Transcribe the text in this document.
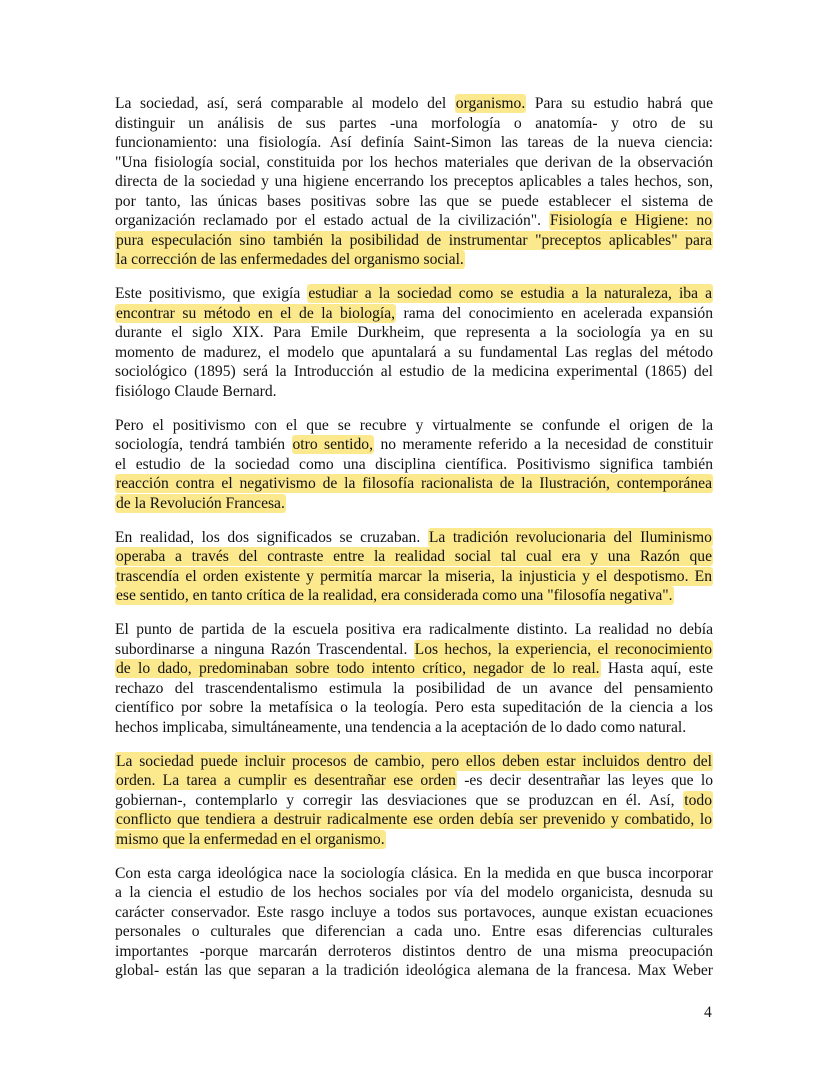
La sociedad, así, será comparable al modelo del organismo. Para su estudio habrá que
distinguir un análisis de sus partes -una morfología o anatomía- y otro de su
funcionamiento: una fisiología. Así definía Saint-Simon las tareas de la nueva ciencia:
"Una fisiología social, constituida por los hechos materiales que derivan de la observación
directa de la sociedad y una higiene encerrando los preceptos aplicables a tales hechos, son,
por tanto, las únicas bases positivas sobre las que se puede establecer el sistema de
organización reclamado por el estado actual de la civilización". Fisiología e Higiene: no
pura especulación sino también la posibilidad de instrumentar "preceptos aplicables" para
la corrección de las enfermedades del organismo social.
Este positivismo, que exigía estudiar a la sociedad como se estudia a la naturaleza, iba a
encontrar su método en el de la biología, rama del conocimiento en acelerada expansión
durante el siglo XIX. Para Emile Durkheim, que representa a la sociología ya en su
momento de madurez, el modelo que apuntalará a su fundamental Las reglas del método
sociológico (1895) será la Introducción al estudio de la medicina experimental (1865) del
fisiólogo Claude Bernard.
Pero el positivismo con el que se recubre y virtualmente se confunde el origen de la
sociología, tendrá también otro sentido, no meramente referido a la necesidad de constituir
el estudio de la sociedad como una disciplina científica. Positivismo significa también
reacción contra el negativismo de la filosofía racionalista de la Ilustración, contemporánea
de la Revolución Francesa.
En realidad, los dos significados se cruzaban. La tradición revolucionaria del Iluminismo
operaba a través del contraste entre la realidad social tal cual era y una Razón que
trascendía el orden existente y permitía marcar la miseria, la injusticia y el despotismo. En
ese sentido, en tanto crítica de la realidad, era considerada como una "filosofía negativa".
El punto de partida de la escuela positiva era radicalmente distinto. La realidad no debía
subordinarse a ninguna Razón Trascendental. Los hechos, la experiencia, el reconocimiento
de lo dado, predominaban sobre todo intento crítico, negador de lo real. Hasta aquí, este
rechazo del trascendentalismo estimula la posibilidad de un avance del pensamiento
científico por sobre la metafísica o la teología. Pero esta supeditación de la ciencia a los
hechos implicaba, simultáneamente, una tendencia a la aceptación de lo dado como natural.
La sociedad puede incluir procesos de cambio, pero ellos deben estar incluidos dentro del
orden. La tarea a cumplir es desentrañar ese orden -es decir desentrañar las leyes que lo
gobiernan-, contemplarlo y corregir las desviaciones que se produzcan en él. Así, todo
conflicto que tendiera a destruir radicalmente ese orden debía ser prevenido y combatido, lo
mismo que la enfermedad en el organismo.
Con esta carga ideológica nace la sociología clásica. En la medida en que busca incorporar
a la ciencia el estudio de los hechos sociales por vía del modelo organicista, desnuda su
carácter conservador. Este rasgo incluye a todos sus portavoces, aunque existan ecuaciones
personales o culturales que diferencian a cada uno. Entre esas diferencias culturales
importantes -porque marcarán derroteros distintos dentro de una misma preocupación
global- están las que separan a la tradición ideológica alemana de la francesa. Max Weber
4
